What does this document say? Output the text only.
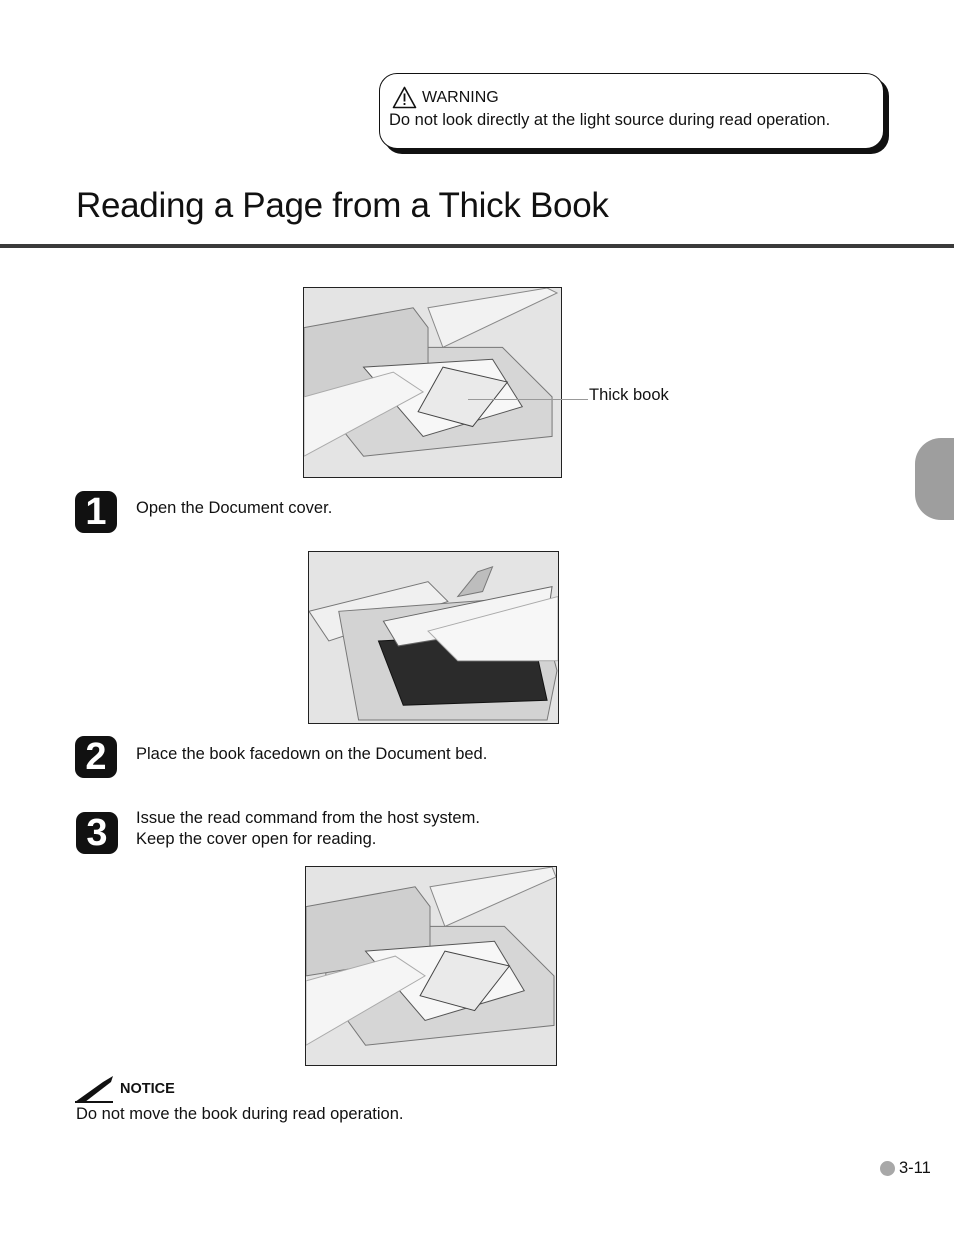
WARNING
Do not look directly at the light source during read operation.
Reading a Page from a Thick Book
Thick book
1	Open the Document cover.
2	Place the book facedown on the Document bed.
3	Issue the read command from the host system.
Keep the cover open for reading.
NOTICE
Do not move the book during read operation.
3-11
